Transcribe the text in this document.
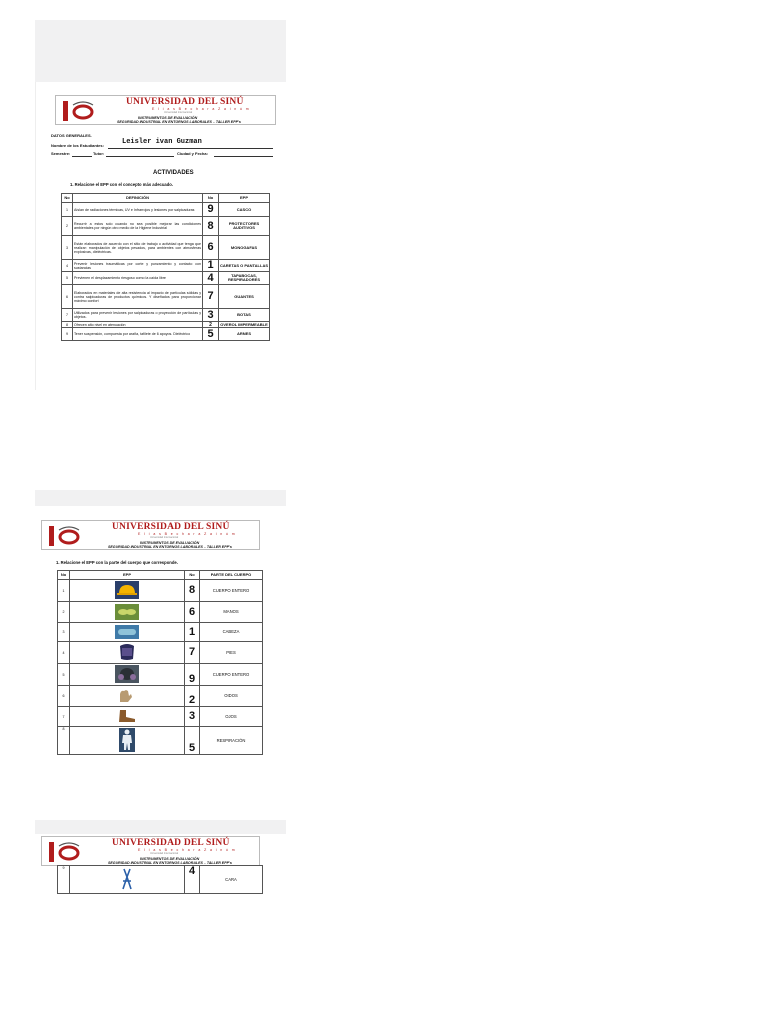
UNIVERSIDAD DEL SINÚ
E l í a s B e c h a r a Z a i n ú m
Universidad Internacional
INSTRUMENTOS DE EVALUACIÓN
SEGURIDAD INDUSTRIAL EN ENTORNOS LABORALES – TALLER EPP's
DATOS GENERALES.
Nombre de los Estudiantes:	Leisler ivan Guzman
Semestre:	Tutor:	Ciudad y Fecha:
ACTIVIDADES
1. Relacione el EPP con el concepto más adecuado.
No	DEFINICIÓN	No	EPP
1	Aíslan de radiaciones térmicas, UV e Infrarrojos y lesiones por salpicaduras	9	CASCO
2	Recurrir a estos solo cuando no sea posible mejorar las condiciones ambientales por ningún otro medio de la Higiene Industrial	8	PROTECTORES AUDITIVOS
3	Están elaborados de acuerdo con el sitio de trabajo o actividad que tenga que realizar: manipulación de objetos pesados, para ambientes con atmosferas explosivas, dieléctricas.	6	MONOGAFAS
4	Prevenir lesiones traumáticas por corte y punzamiento y contacto con sustancias	1	CARETAS O PANTALLAS
5	Previenen el desplazamiento riesgoso como la caída libre	4	TAPABOCAS, RESPIRADORES
6	Elaborados en materiales de alta resistencia al impacto de partículas sólidas y contra salpicaduras de productos químicos. Y diseñados para proporcionar máximo confort	7	GUANTES
7	Utilizados para prevenir lesiones por salpicaduras o proyección de partículas y objetos.	3	BOTAS
8	Ofrecen alto nivel en atenuación	2	OVEROL IMPERMEABLE
9	Tener suspensión, compuesta por araña, tafilete de 6 apoyos. Dieléctrico	5	ARNES
UNIVERSIDAD DEL SINÚ
E l í a s B e c h a r a Z a i n ú m
Universidad Internacional
INSTRUMENTOS DE EVALUACIÓN
SEGURIDAD INDUSTRIAL EN ENTORNOS LABORALES – TALLER EPP's
1. Relacione el EPP con la parte del cuerpo que corresponde.
No	EPP	No	PARTE DEL CUERPO
1		8	CUERPO ENTERO
2		6	MANOS
3		1	CABEZA
4		7	PIES
5		9	CUERPO ENTERO
6		2	OIDOS
7		3	OJOS
8		5	RESPIRACIÓN
UNIVERSIDAD DEL SINÚ
E l í a s B e c h a r a Z a i n ú m
Universidad Internacional
INSTRUMENTOS DE EVALUACIÓN
SEGURIDAD INDUSTRIAL EN ENTORNOS LABORALES – TALLER EPP's
9		4	CARA
